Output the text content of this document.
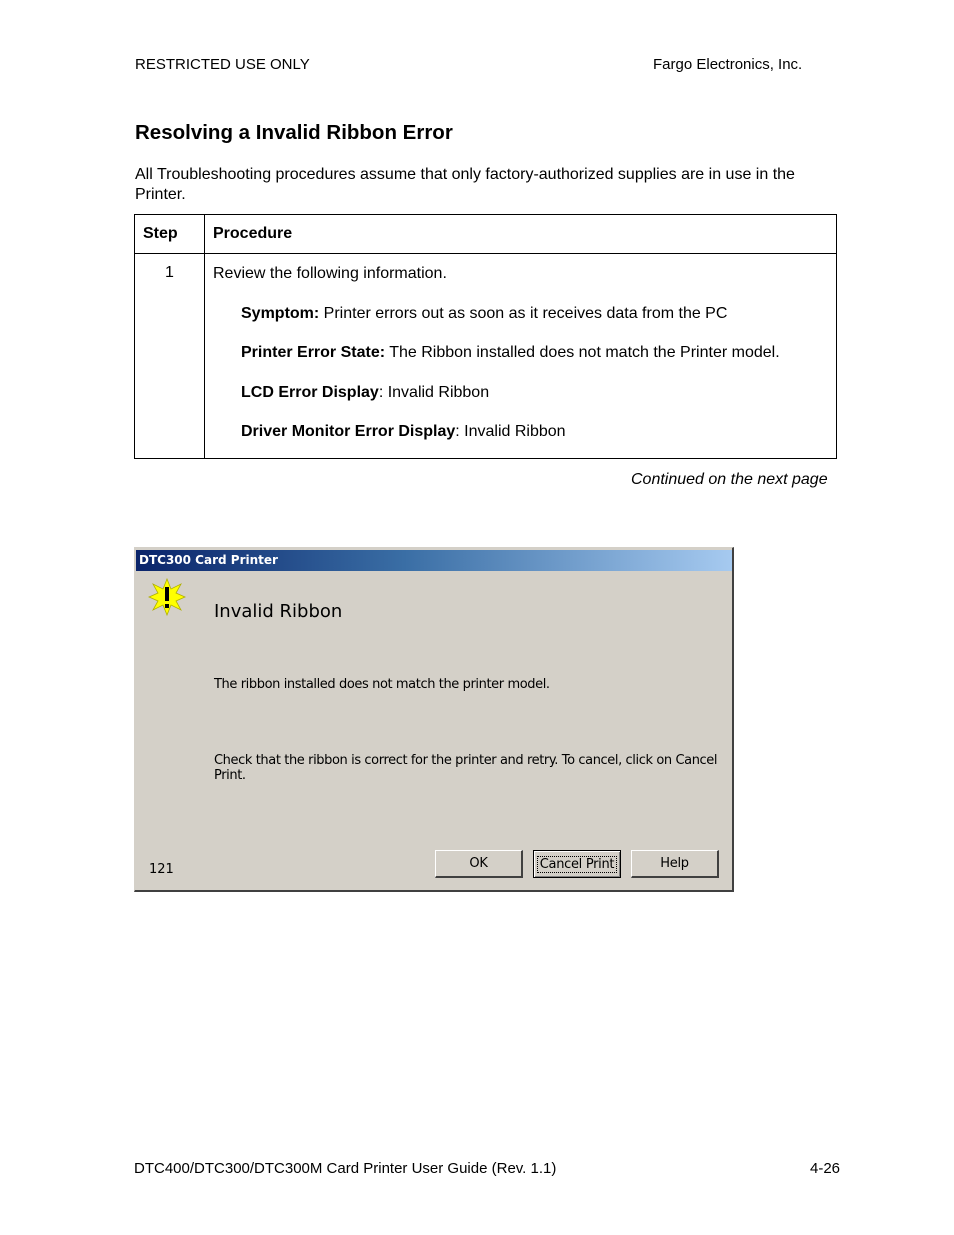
RESTRICTED USE ONLY	Fargo Electronics, Inc.
Resolving a Invalid Ribbon Error
All Troubleshooting procedures assume that only factory-authorized supplies are in use in the Printer.
Step	Procedure
1	Review the following information.
Symptom: Printer errors out as soon as it receives data from the PC
Printer Error State: The Ribbon installed does not match the Printer model.
LCD Error Display: Invalid Ribbon
Driver Monitor Error Display: Invalid Ribbon
Continued on the next page
DTC300 Card Printer
Invalid Ribbon
The ribbon installed does not match the printer model.
Check that the ribbon is correct for the printer and retry. To cancel, click on Cancel Print.
121	OK	Cancel Print	Help
DTC400/DTC300/DTC300M Card Printer User Guide (Rev. 1.1)	4-26
